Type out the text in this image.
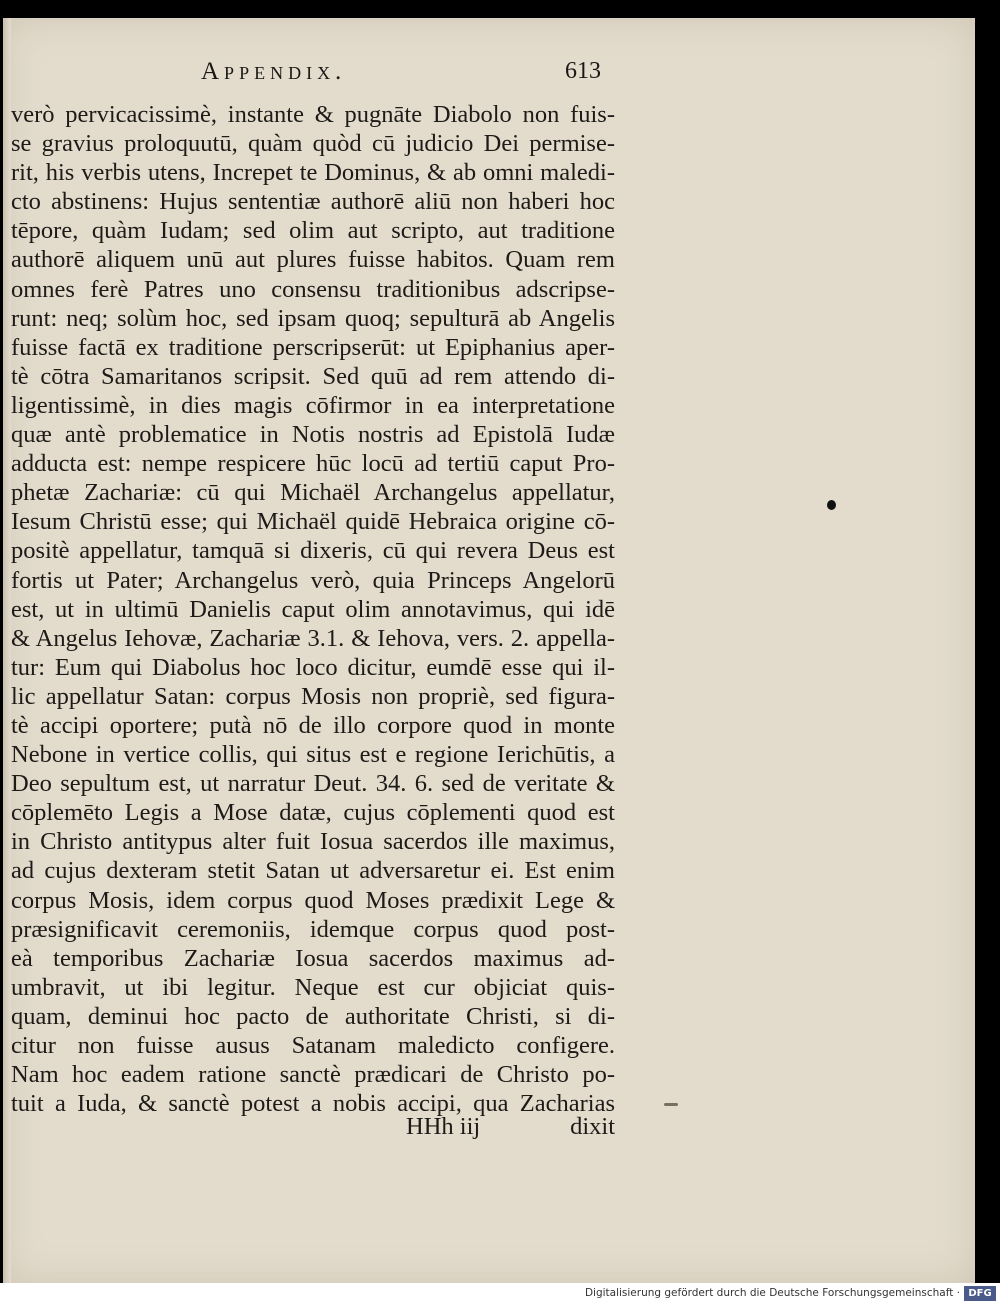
Appendix.	613
verò pervicacissimè, instante & pugnāte Diabolo non fuis-
se gravius proloquutū, quàm quòd cū judicio Dei permise-
rit, his verbis utens, Increpet te Dominus, & ab omni maledi-
cto abstinens: Hujus sententiæ authorē aliū non haberi hoc
tēpore, quàm Iudam; sed olim aut scripto, aut traditione
authorē aliquem unū aut plures fuisse habitos. Quam rem
omnes ferè Patres uno consensu traditionibus adscripse-
runt: neq; solùm hoc, sed ipsam quoq; sepulturā ab Angelis
fuisse factā ex traditione perscripserūt: ut Epiphanius aper-
tè cōtra Samaritanos scripsit. Sed quū ad rem attendo di-
ligentissimè, in dies magis cōfirmor in ea interpretatione
quæ antè problematice in Notis nostris ad Epistolā Iudæ
adducta est: nempe respicere hūc locū ad tertiū caput Pro-
phetæ Zachariæ: cū qui Michaël Archangelus appellatur,
Iesum Christū esse; qui Michaël quidē Hebraica origine cō-
positè appellatur, tamquā si dixeris, cū qui revera Deus est
fortis ut Pater; Archangelus verò, quia Princeps Angelorū
est, ut in ultimū Danielis caput olim annotavimus, qui idē
& Angelus Iehovæ, Zachariæ 3.1. & Iehova, vers. 2. appella-
tur: Eum qui Diabolus hoc loco dicitur, eumdē esse qui il-
lic appellatur Satan: corpus Mosis non propriè, sed figura-
tè accipi oportere; putà nō de illo corpore quod in monte
Nebone in vertice collis, qui situs est e regione Ierichūtis, a
Deo sepultum est, ut narratur Deut. 34. 6. sed de veritate &
cōplemēto Legis a Mose datæ, cujus cōplementi quod est
in Christo antitypus alter fuit Iosua sacerdos ille maximus,
ad cujus dexteram stetit Satan ut adversaretur ei. Est enim
corpus Mosis, idem corpus quod Moses prædixit Lege &
præsignificavit ceremoniis, idemque corpus quod post-
eà temporibus Zachariæ Iosua sacerdos maximus ad-
umbravit, ut ibi legitur. Neque est cur objiciat quis-
quam, deminui hoc pacto de authoritate Christi, si di-
citur non fuisse ausus Satanam maledicto configere.
Nam hoc eadem ratione sanctè prædicari de Christo po-
tuit a Iuda, & sanctè potest a nobis accipi, qua Zacharias
HHh iij	dixit
Digitalisierung gefördert durch die Deutsche Forschungsgemeinschaft · DFG
